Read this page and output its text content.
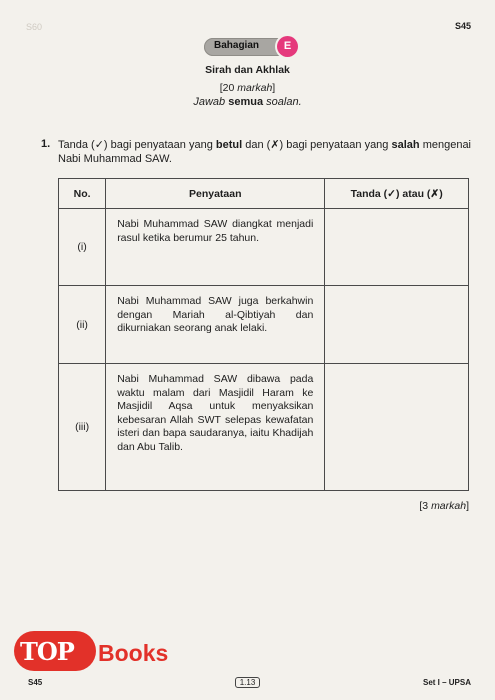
S60	S45
Bahagian	E
Sirah dan Akhlak
[20 markah]
Jawab semua soalan.
1. Tanda (✓) bagi penyataan yang betul dan (✗) bagi penyataan yang salah mengenai Nabi Muhammad SAW.
No.	Penyataan	Tanda (✓) atau (✗)
(i)	Nabi Muhammad SAW diangkat menjadi rasul ketika berumur 25 tahun.	
(ii)	Nabi Muhammad SAW juga berkahwin dengan Mariah al-Qibtiyah dan dikurniakan seorang anak lelaki.	
(iii)	Nabi Muhammad SAW dibawa pada waktu malam dari Masjidil Haram ke Masjidil Aqsa untuk menyaksikan kebesaran Allah SWT selepas kewafatan isteri dan bapa saudaranya, iaitu Khadijah dan Abu Talib.	
[3 markah]
TOP Books
S45	1.13	Set I – UPSA
